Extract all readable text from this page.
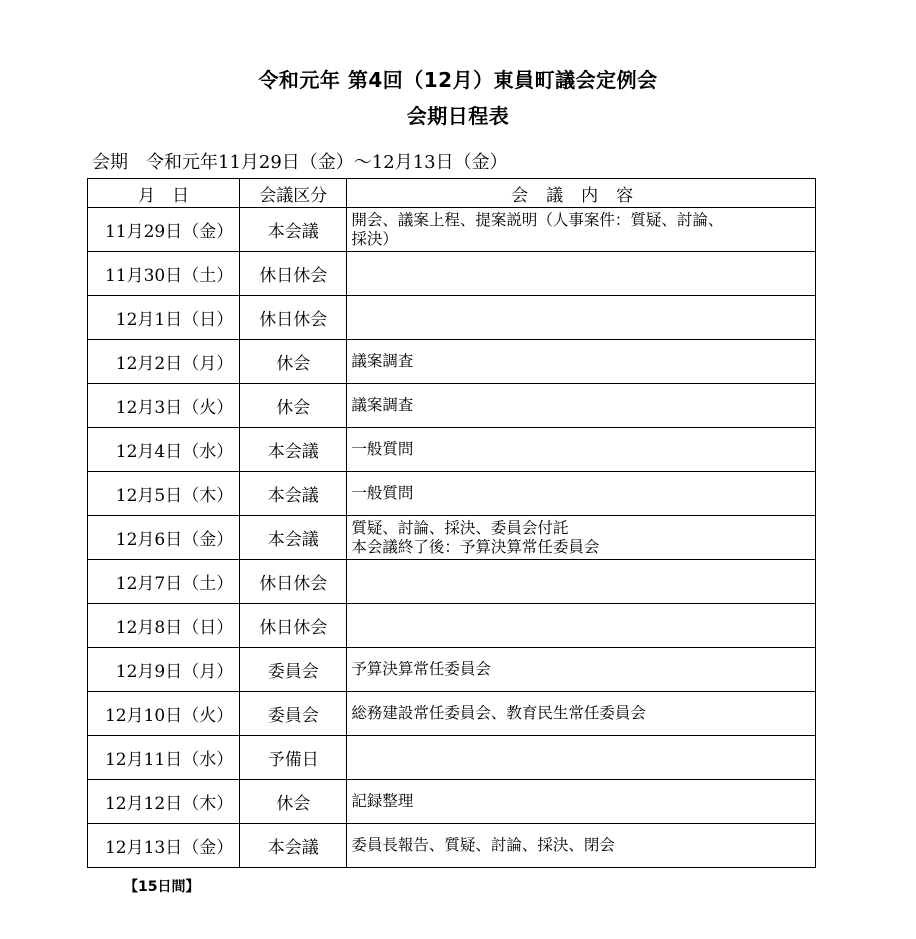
令和元年 第4回（12月）東員町議会定例会
会期日程表
会期 令和元年11月29日（金）～12月13日（金）
月　日	会議区分	会議内容
11月29日（金）	本会議	開会、議案上程、提案説明（人事案件：質疑、討論、
採決）

11月30日（土）	休日休会	
12月1日（日）	休日休会	
12月2日（月）	休会	議案調査

12月3日（火）	休会	議案調査

12月4日（水）	本会議	一般質問

12月5日（木）	本会議	一般質問

12月6日（金）	本会議	質疑、討論、採決、委員会付託
本会議終了後：予算決算常任委員会

12月7日（土）	休日休会	
12月8日（日）	休日休会	
12月9日（月）	委員会	予算決算常任委員会

12月10日（火）	委員会	総務建設常任委員会、教育民生常任委員会

12月11日（水）	予備日	
12月12日（木）	休会	記録整理

12月13日（金）	本会議	委員長報告、質疑、討論、採決、閉会
【15日間】
